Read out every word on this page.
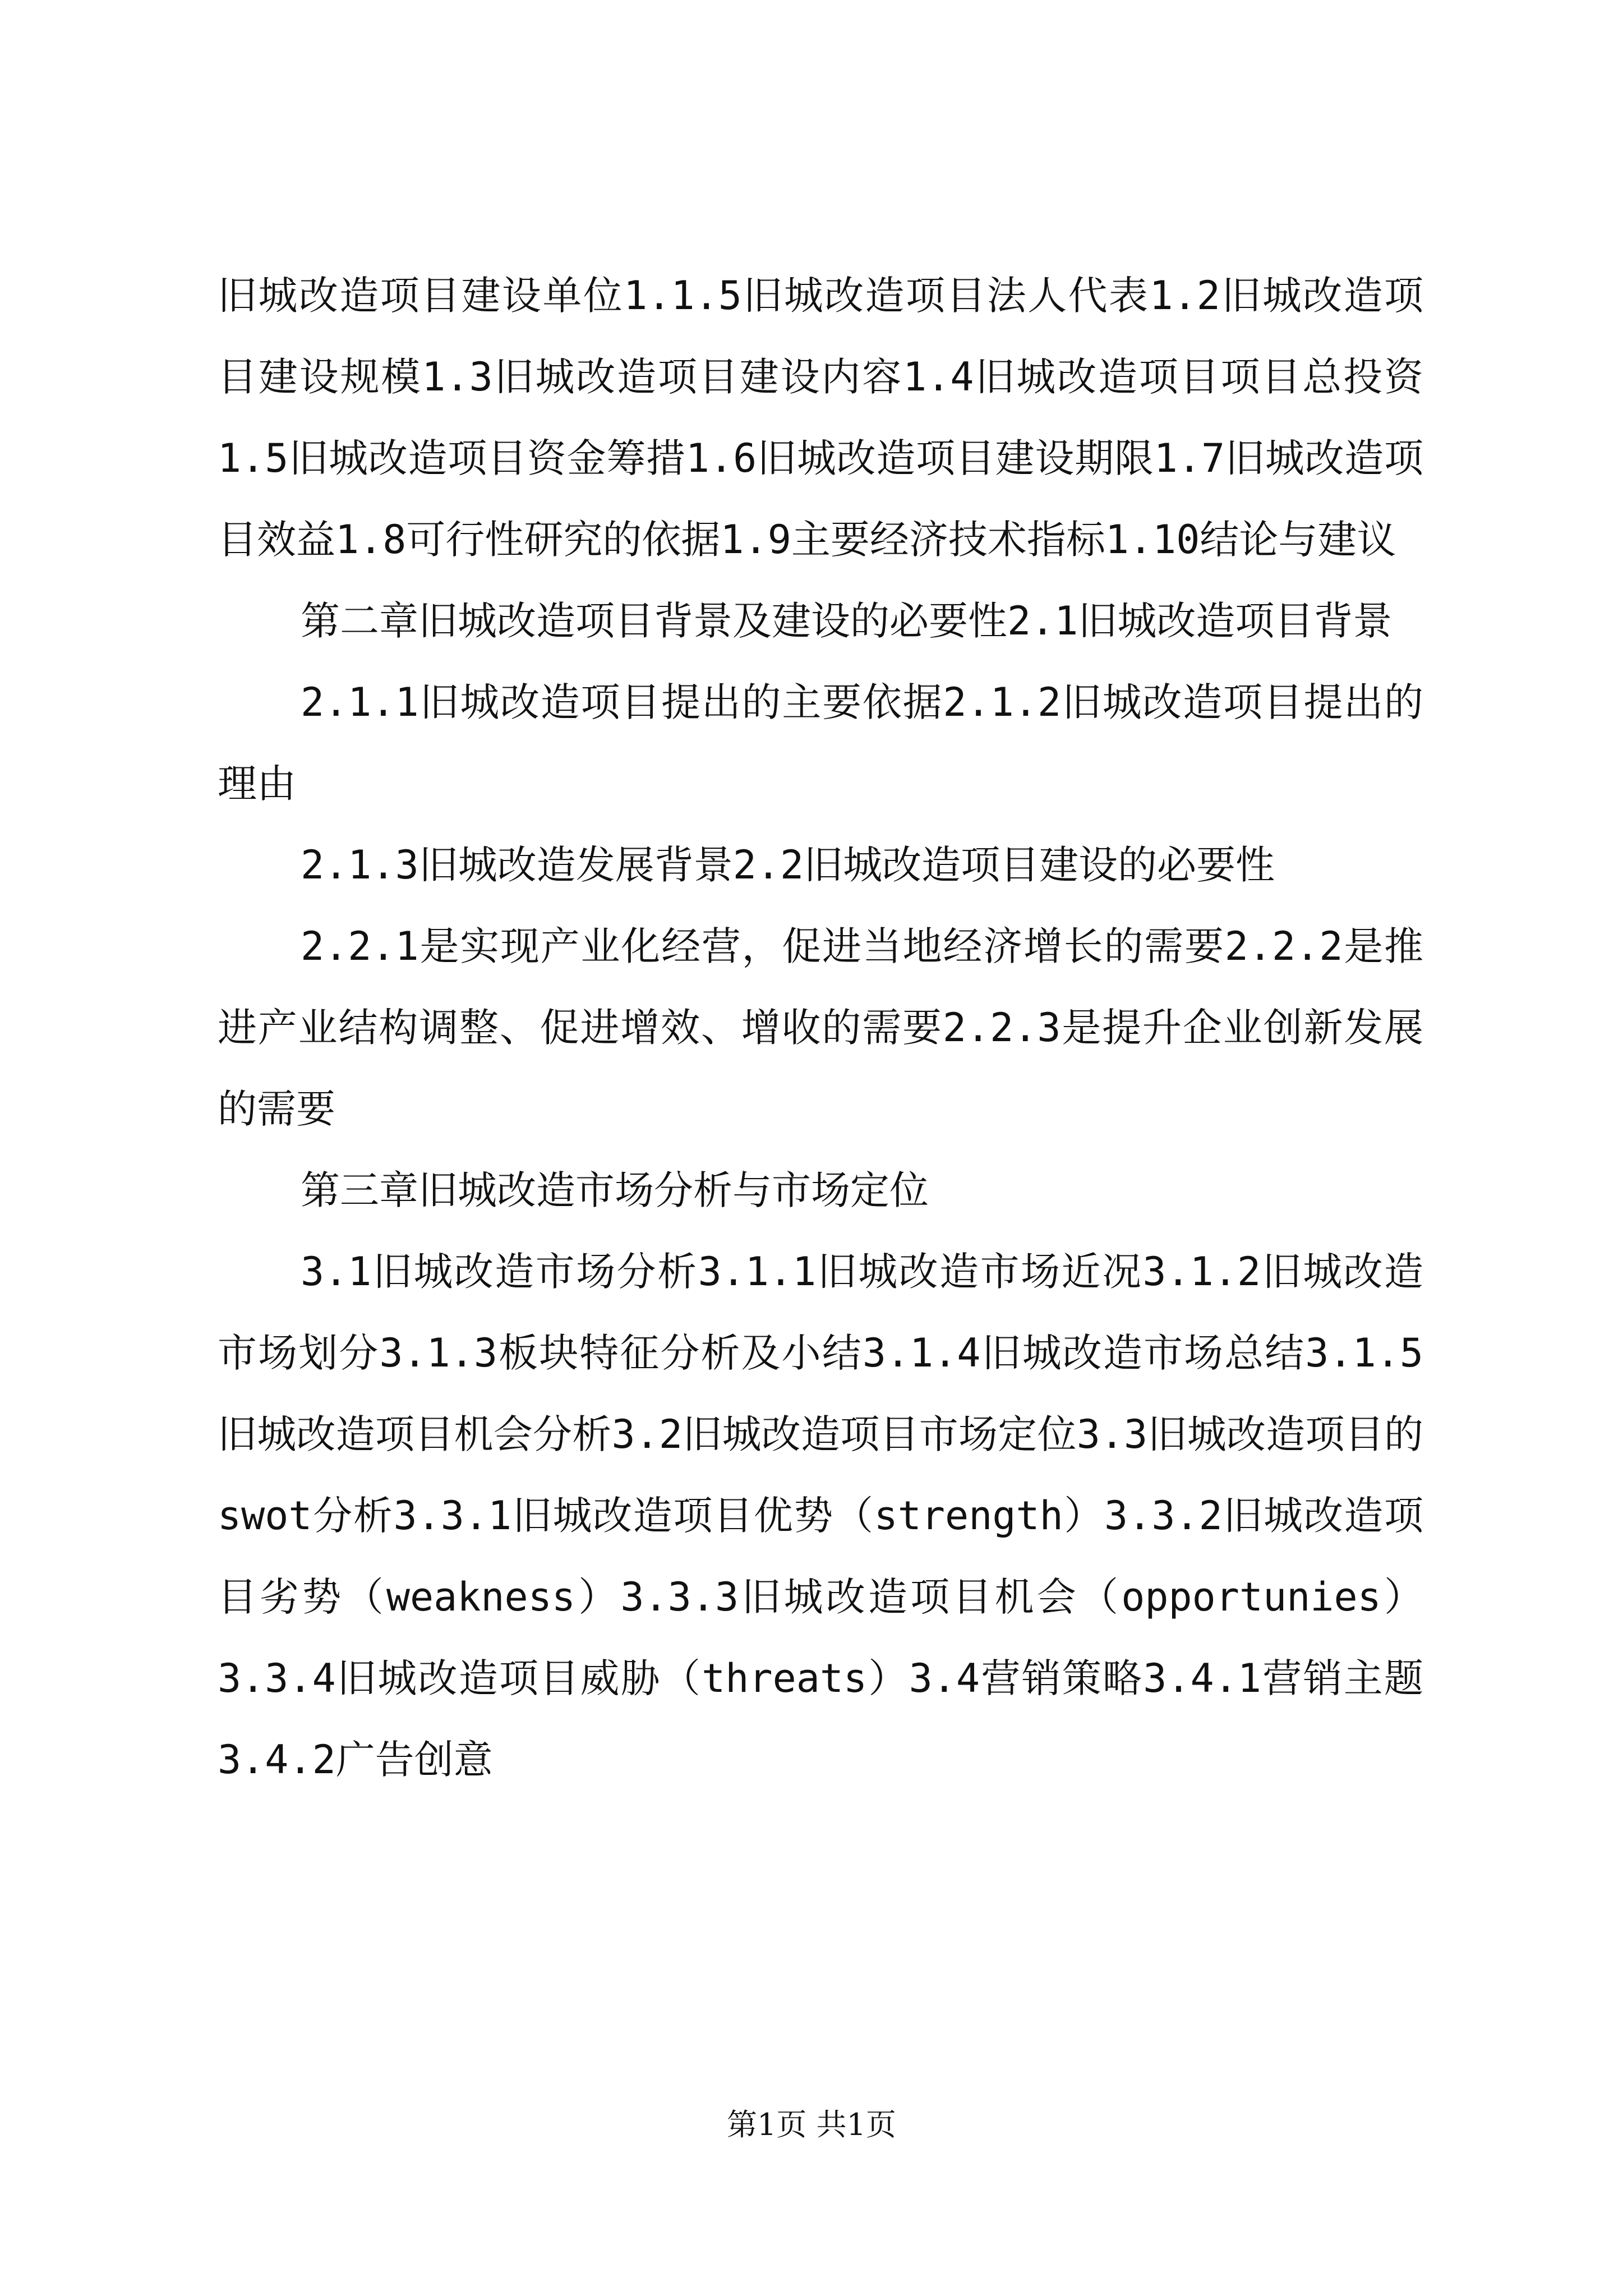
旧城改造项目建设单位1.1.5旧城改造项目法人代表1.2旧城改造项目建设规模1.3旧城改造项目建设内容1.4旧城改造项目项目总投资1.5旧城改造项目资金筹措1.6旧城改造项目建设期限1.7旧城改造项目效益1.8可行性研究的依据1.9主要经济技术指标1.10结论与建议

第二章旧城改造项目背景及建设的必要性2.1旧城改造项目背景

2.1.1旧城改造项目提出的主要依据2.1.2旧城改造项目提出的理由

2.1.3旧城改造发展背景2.2旧城改造项目建设的必要性

2.2.1是实现产业化经营，促进当地经济增长的需要2.2.2是推进产业结构调整、促进增效、增收的需要2.2.3是提升企业创新发展的需要

第三章旧城改造市场分析与市场定位

3.1旧城改造市场分析3.1.1旧城改造市场近况3.1.2旧城改造市场划分3.1.3板块特征分析及小结3.1.4旧城改造市场总结3.1.5旧城改造项目机会分析3.2旧城改造项目市场定位3.3旧城改造项目的swot分析3.3.1旧城改造项目优势（strength）3.3.2旧城改造项目劣势（weakness）3.3.3旧城改造项目机会（opportunies）3.3.4旧城改造项目威胁（threats）3.4营销策略3.4.1营销主题3.4.2广告创意

第1页 共1页
